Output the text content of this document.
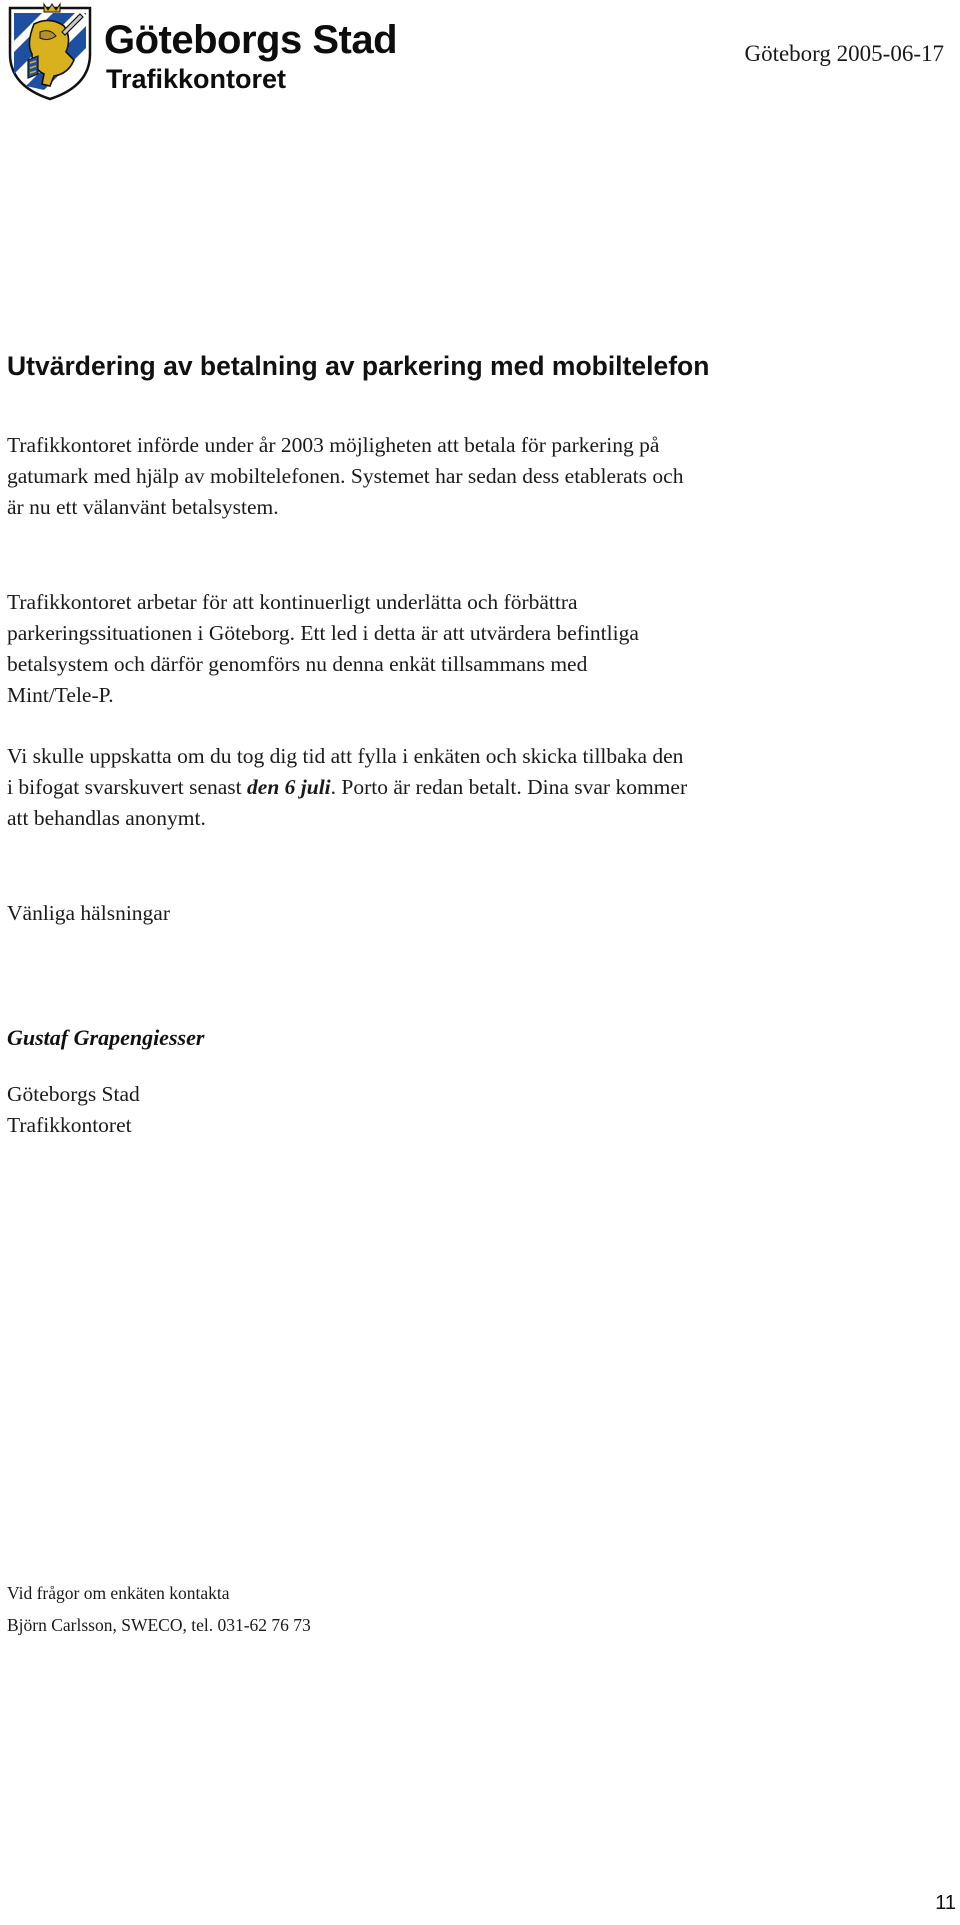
Göteborgs Stad
Trafikkontoret
Göteborg 2005-06-17
Utvärdering av betalning av parkering med mobiltelefon

Trafikkontoret införde under år 2003 möjligheten att betala för parkering på
gatumark med hjälp av mobiltelefonen. Systemet har sedan dess etablerats och
är nu ett välanvänt betalsystem.

Trafikkontoret arbetar för att kontinuerligt underlätta och förbättra
parkeringssituationen i Göteborg. Ett led i detta är att utvärdera befintliga
betalsystem och därför genomförs nu denna enkät tillsammans med
Mint/Tele-P.

Vi skulle uppskatta om du tog dig tid att fylla i enkäten och skicka tillbaka den
i bifogat svarskuvert senast den 6 juli. Porto är redan betalt. Dina svar kommer
att behandlas anonymt.

Vänliga hälsningar

Gustaf Grapengiesser

Göteborgs Stad
Trafikkontoret

Vid frågor om enkäten kontakta
Björn Carlsson, SWECO, tel. 031-62 76 73

11
